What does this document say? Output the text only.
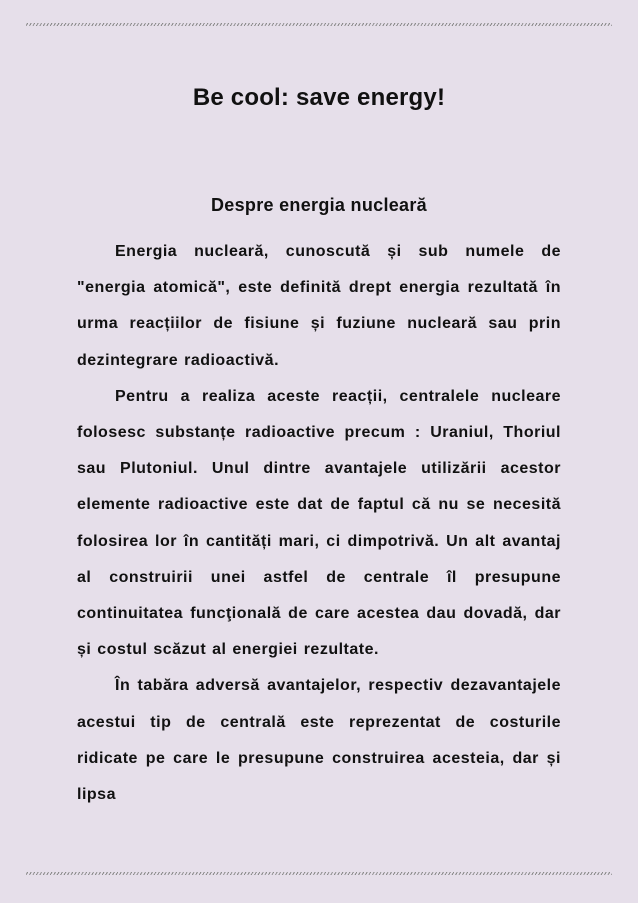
Be cool: save energy!
Despre energia nucleară

Energia nucleară, cunoscută și sub numele de "energia atomică", este definită drept energia rezultată în urma reacțiilor de fisiune și fuziune nucleară sau prin dezintegrare radioactivă.

Pentru a realiza aceste reacții, centralele nucleare folosesc substanțe radioactive precum : Uraniul, Thoriul sau Plutoniul. Unul dintre avantajele utilizării acestor elemente radioactive este dat de faptul că nu se necesită folosirea lor în cantități mari, ci dimpotrivă. Un alt avantaj al construirii unei astfel de centrale îl presupune continuitatea funcţională de care acestea dau dovadă, dar și costul scăzut al energiei rezultate.

În tabăra adversă avantajelor, respectiv dezavantajele acestui tip de centrală este reprezentat de costurile ridicate pe care le presupune construirea acesteia, dar și lipsa
